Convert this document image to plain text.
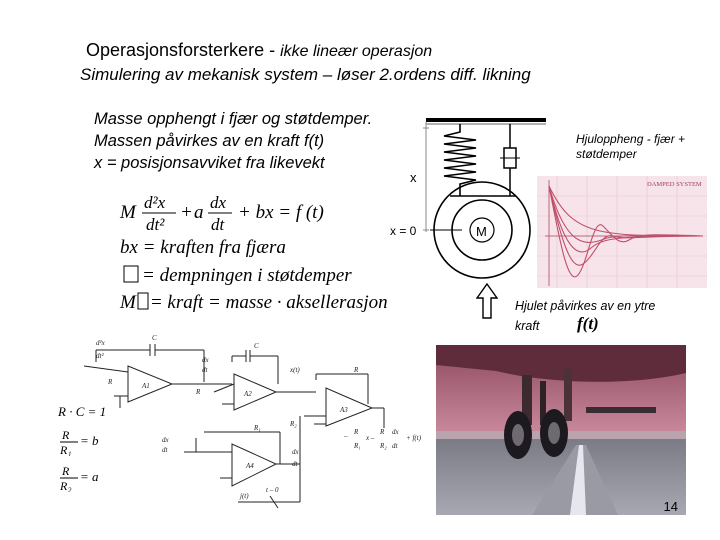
Operasjonsforsterkere - ikke lineær operasjon
Simulering av mekanisk system – løser 2.ordens diff. likning
Masse opphengt i fjær og støtdemper.
Massen påvirkes av en kraft f(t)
x = posisjonsavviket fra likevekt
M d²x
dt²
+ a dx
dt
+ bx = f (t)
bx = kraften fra fjæra
= dempningen i støtdemper
M = kraft = masse · aksellerasjon
x
x = 0	M
Hjuloppheng - fjær + støtdemper
DAMPED SYSTEM
Hjulet påvirkes av en ytre kraft	f(t)
d²x
dt²
C
C
dx
dt	x(t)
A1
A2
A3
A4
R
R
R
R₁	R₂
dx
dt
dx
dt
j(t)
t – 0
– R
R₁
x –
R
R₂
dx
dt
+ f(t)
R · C = 1
R
R₁
= b
R
R₂
= a
14
